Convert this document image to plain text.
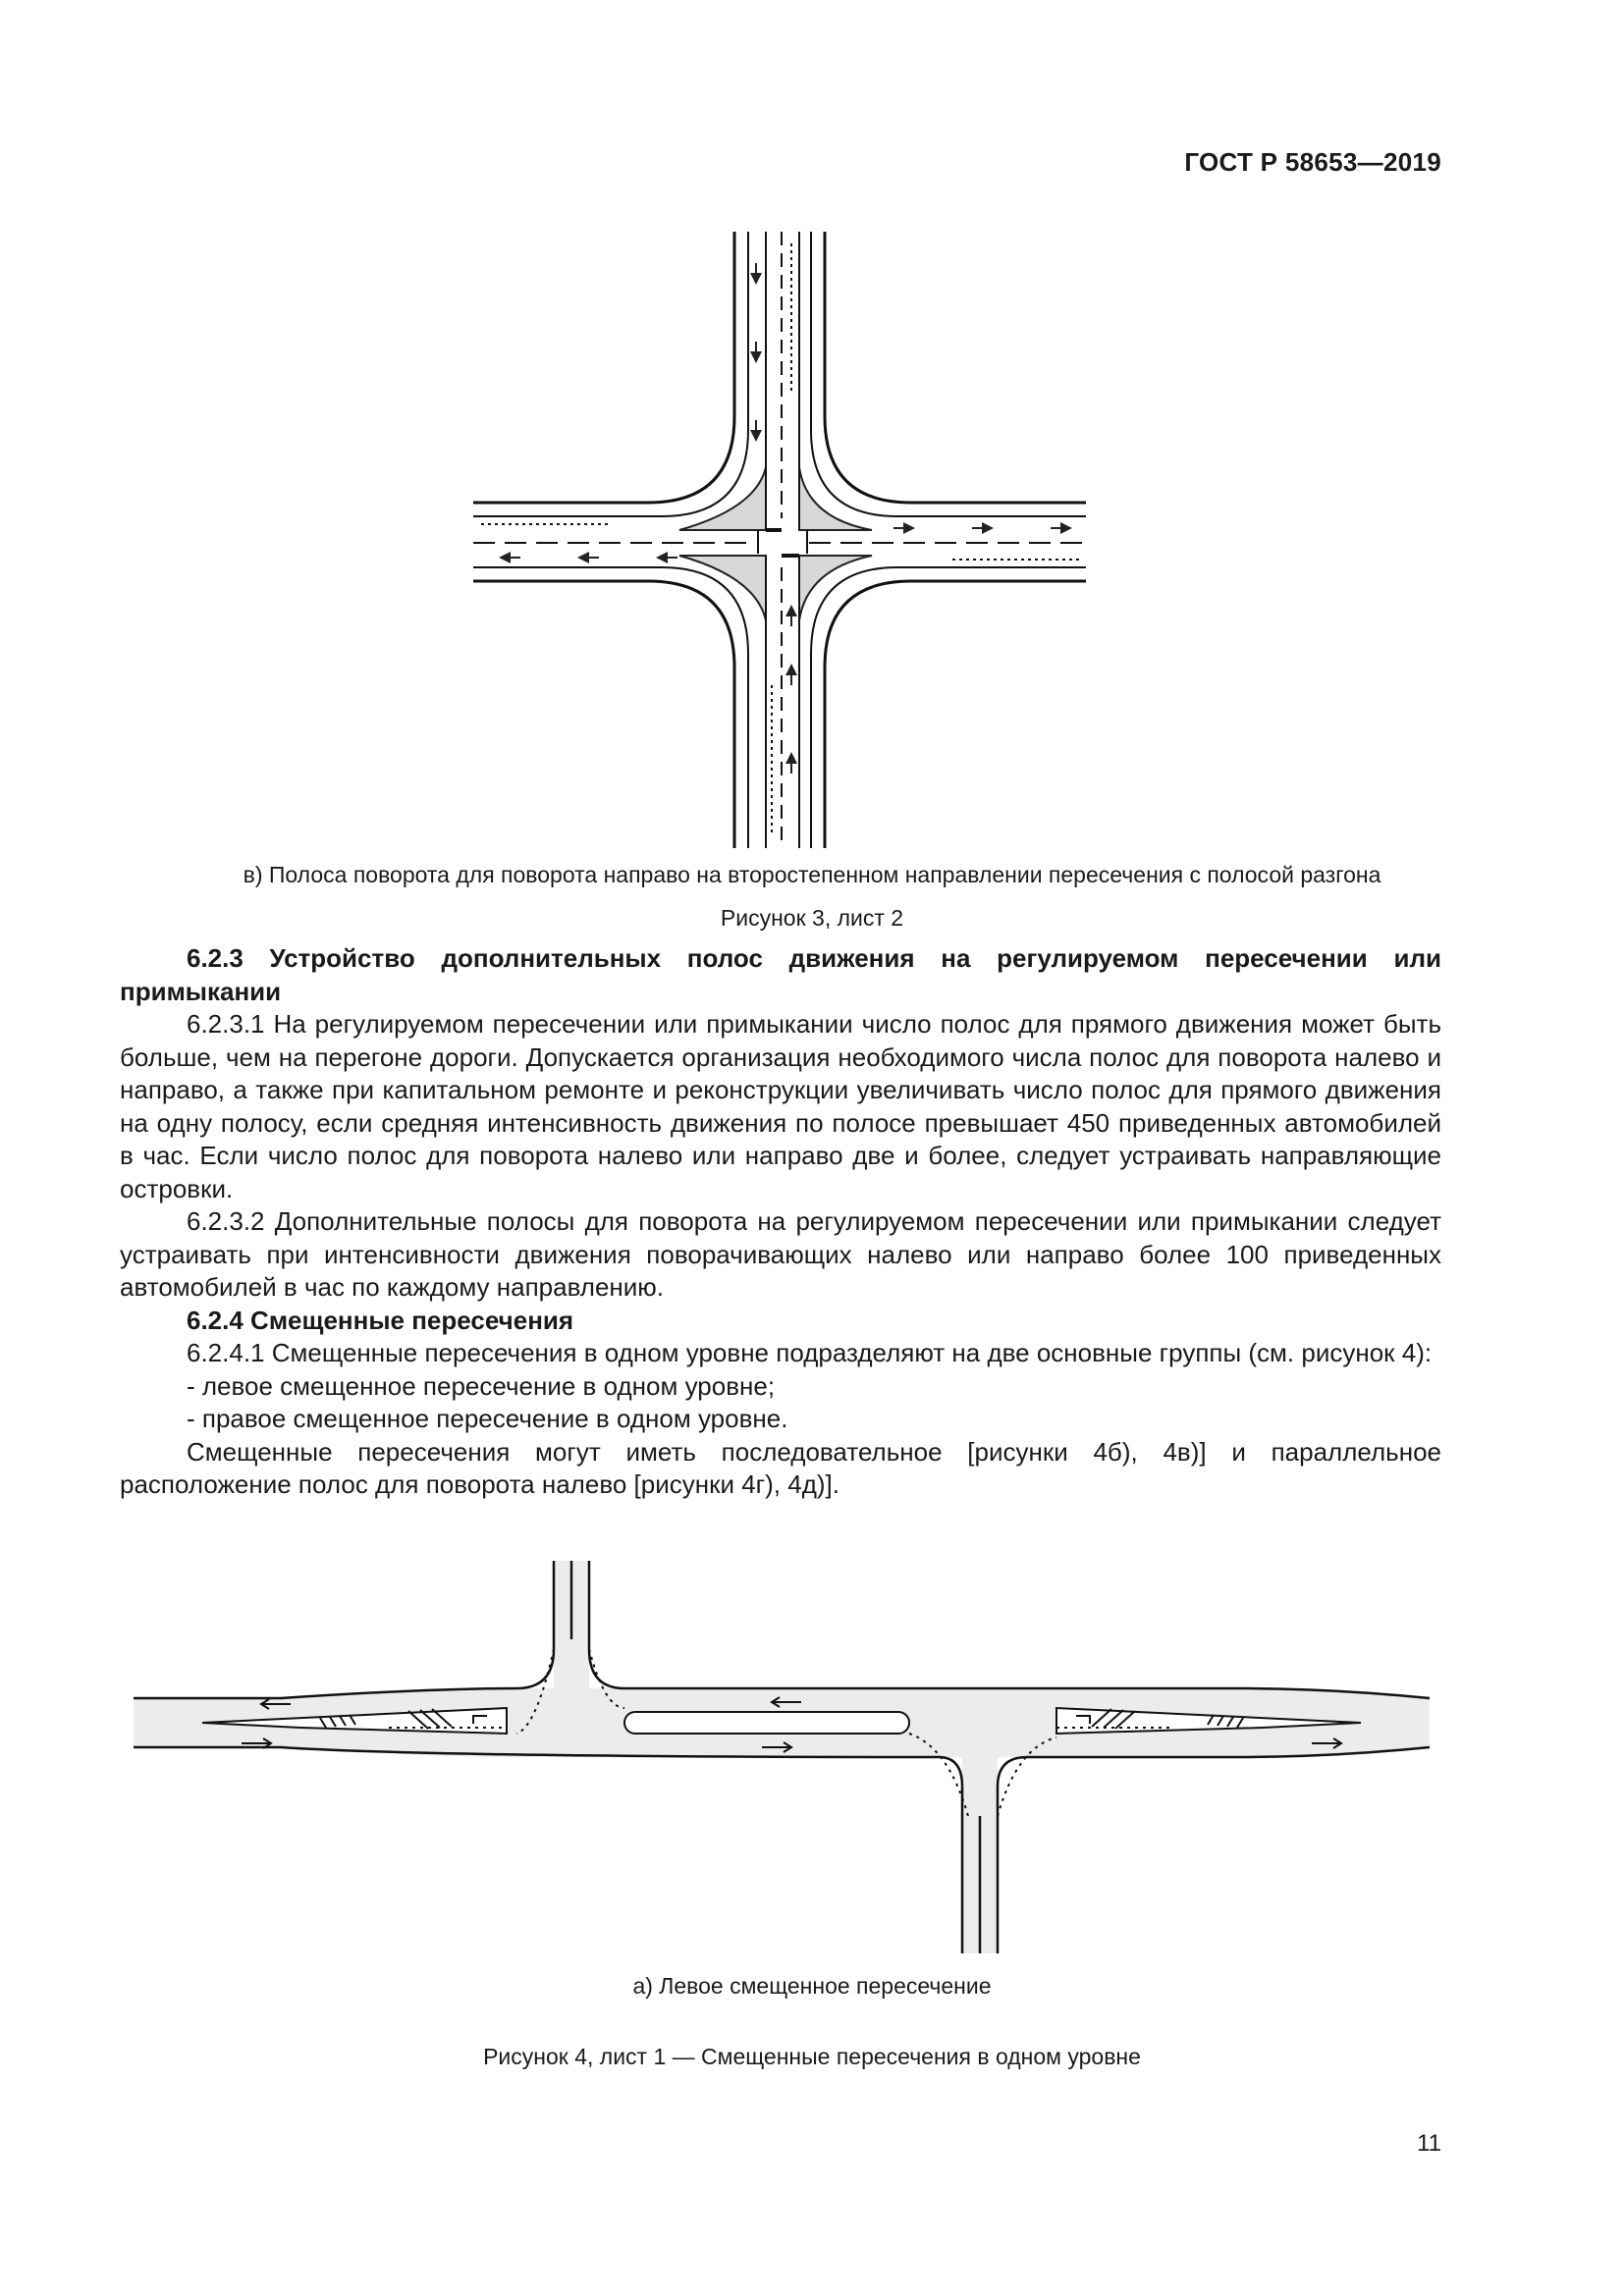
ГОСТ Р 58653—2019
в) Полоса поворота для поворота направо на второстепенном направлении пересечения с полосой разгона
Рисунок 3, лист 2

6.2.3 Устройство дополнительных полос движения на регулируемом пересечении или примыкании

6.2.3.1 На регулируемом пересечении или примыкании число полос для прямого движения может быть больше, чем на перегоне дороги. Допускается организация необходимого числа полос для поворота налево и направо, а также при капитальном ремонте и реконструкции увеличивать число полос для прямого движения на одну полосу, если средняя интенсивность движения по полосе превышает 450 приведенных автомобилей в час. Если число полос для поворота налево или направо две и более, следует устраивать направляющие островки.

6.2.3.2 Дополнительные полосы для поворота на регулируемом пересечении или примыкании следует устраивать при интенсивности движения поворачивающих налево или направо более 100 приведенных автомобилей в час по каждому направлению.

6.2.4 Смещенные пересечения

6.2.4.1 Смещенные пересечения в одном уровне подразделяют на две основные группы (см. рисунок 4):

- левое смещенное пересечение в одном уровне;

- правое смещенное пересечение в одном уровне.

Смещенные пересечения могут иметь последовательное [рисунки 4б), 4в)] и параллельное расположение полос для поворота налево [рисунки 4г), 4д)].

а) Левое смещенное пересечение
Рисунок 4, лист 1 — Смещенные пересечения в одном уровне
11
